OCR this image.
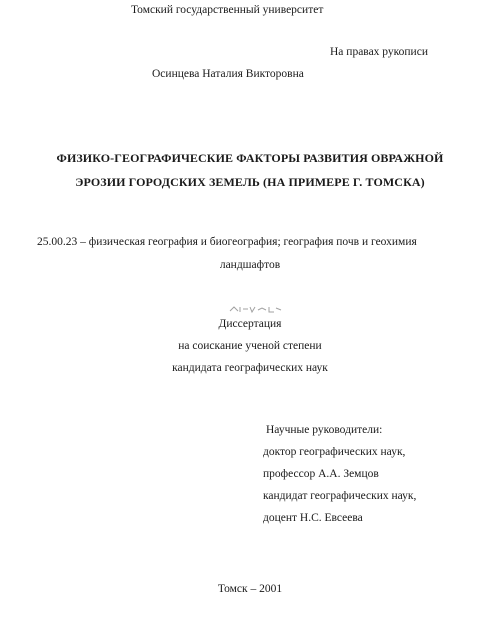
Томский государственный университет
На правах рукописи
Осинцева Наталия Викторовна
ФИЗИКО-ГЕОГРАФИЧЕСКИЕ ФАКТОРЫ РАЗВИТИЯ ОВРАЖНОЙ
ЭРОЗИИ ГОРОДСКИХ ЗЕМЕЛЬ (НА ПРИМЕРЕ Г. ТОМСКА)
25.00.23 – физическая география и биогеография; география почв и геохимия
ландшафтов
Диссертация
на соискание ученой степени
кандидата географических наук
Научные руководители:
доктор географических наук,
профессор А.А. Земцов
кандидат географических наук,
доцент Н.С. Евсеева
Томск – 2001
